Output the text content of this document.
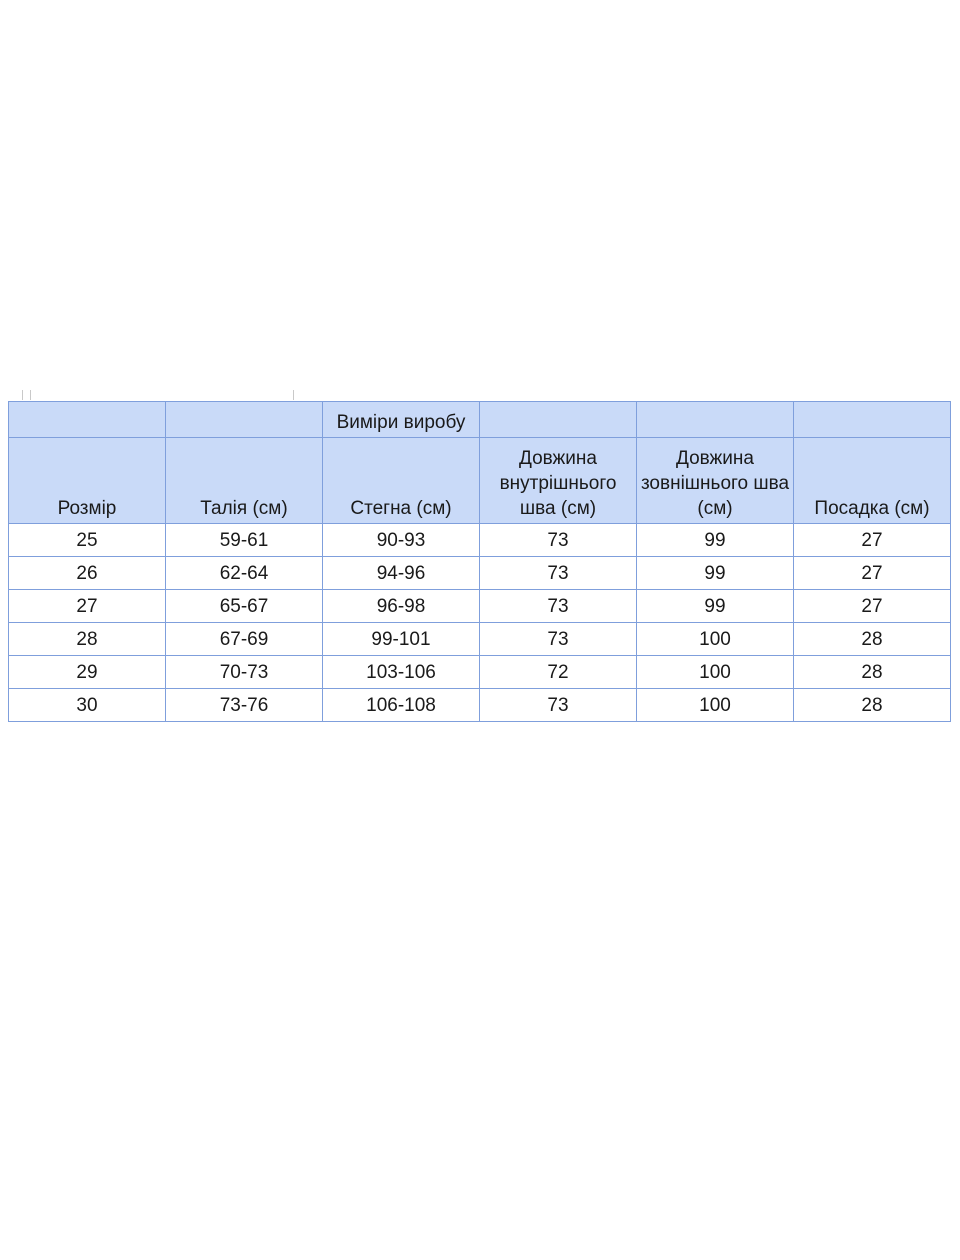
		Виміри виробу			
Розмір	Талія (см)	Стегна (см)	Довжина внутрішнього шва (см)	Довжина зовнішнього шва (см)	Посадка (см)
25	59-61	90-93	73	99	27
26	62-64	94-96	73	99	27
27	65-67	96-98	73	99	27
28	67-69	99-101	73	100	28
29	70-73	103-106	72	100	28
30	73-76	106-108	73	100	28
